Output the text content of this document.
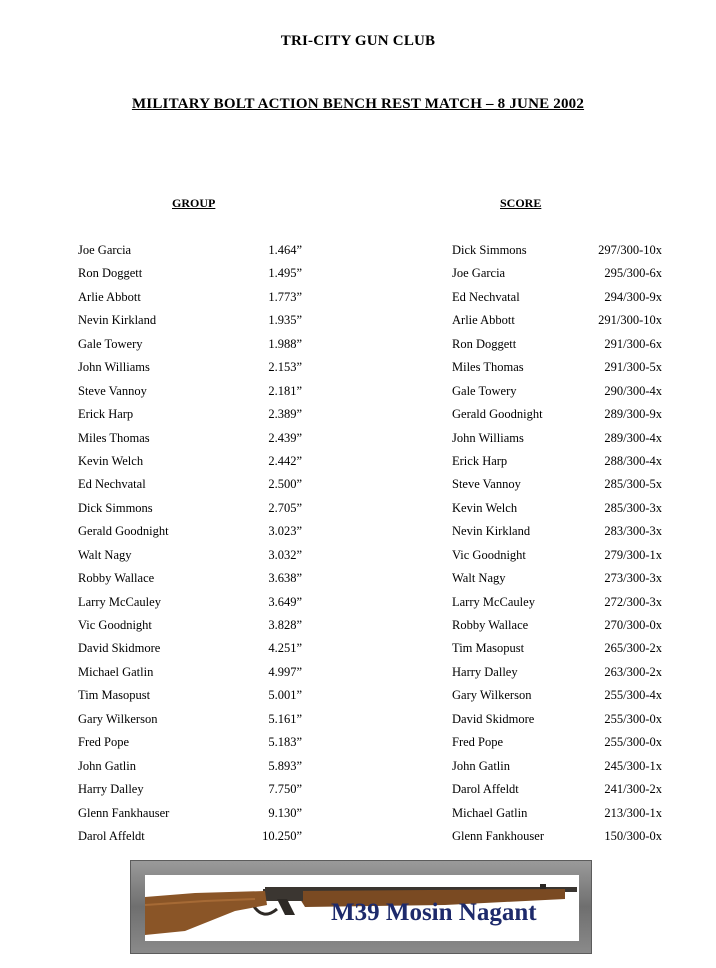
TRI-CITY GUN CLUB
MILITARY BOLT ACTION BENCH REST MATCH – 8 JUNE 2002
GROUP	SCORE
Joe Garcia	1.464”
Ron Doggett	1.495”
Arlie Abbott	1.773”
Nevin Kirkland	1.935”
Gale Towery	1.988”
John Williams	2.153”
Steve Vannoy	2.181”
Erick Harp	2.389”
Miles Thomas	2.439”
Kevin Welch	2.442”
Ed Nechvatal	2.500”
Dick Simmons	2.705”
Gerald Goodnight	3.023”
Walt Nagy	3.032”
Robby Wallace	3.638”
Larry McCauley	3.649”
Vic Goodnight	3.828”
David Skidmore	4.251”
Michael Gatlin	4.997”
Tim Masopust	5.001”
Gary Wilkerson	5.161”
Fred Pope	5.183”
John Gatlin	5.893”
Harry Dalley	7.750”
Glenn Fankhauser	9.130”
Darol Affeldt	10.250”
Dick Simmons	297/300-10x
Joe Garcia	295/300-6x
Ed Nechvatal	294/300-9x
Arlie Abbott	291/300-10x
Ron Doggett	291/300-6x
Miles Thomas	291/300-5x
Gale Towery	290/300-4x
Gerald Goodnight	289/300-9x
John Williams	289/300-4x
Erick Harp	288/300-4x
Steve Vannoy	285/300-5x
Kevin Welch	285/300-3x
Nevin Kirkland	283/300-3x
Vic Goodnight	279/300-1x
Walt Nagy	273/300-3x
Larry McCauley	272/300-3x
Robby Wallace	270/300-0x
Tim Masopust	265/300-2x
Harry Dalley	263/300-2x
Gary Wilkerson	255/300-4x
David Skidmore	255/300-0x
Fred Pope	255/300-0x
John Gatlin	245/300-1x
Darol Affeldt	241/300-2x
Michael Gatlin	213/300-1x
Glenn Fankhouser	150/300-0x
M39 Mosin Nagant
